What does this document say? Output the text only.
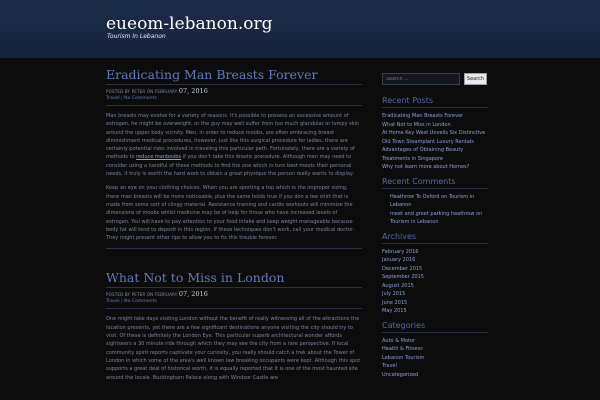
eueom-lebanon.org
Tourism In Lebanon
Eradicating Man Breasts Forever
POSTED BY PETER ON FEBRUARY 07, 2016
Travel | No Comments

Man breasts may evolve for a variety of reasons. It's possible to possess an excessive amount of estrogen, he might be overweight, or the guy may well suffer from too much glandular or lumpy skin around the upper body vicinity. Men, in order to reduce moobs, are often embracing breast diminishment medical procedures, however, just like this surgical procedure for ladies, there are certainly potential risks involved in traveling this particular path. Fortunately, there are a variety of methods to reduce manboobs if you don't take this drastic procedure. Although men may need to consider using a handful of these methods to find the one which in turn best meets their personal needs, it truly is worth the hard work to obtain a great physique the person really wants to display.

Keep an eye on your clothing choices. When you are sporting a top which is the improper sizing, there man breasts will be more noticeable, plus the same holds true if you don a tee shirt that is made from some sort of clingy material. Resistance training and cardio workouts will minimize the dimensions of moobs whilst medicine may be of help for those who have increased levels of estrogen. You will have to pay attention to your food intake and keep weight manageable because body fat will tend to deposit in this region. If these techniques don't work, call your medical doctor. They might present other tips to allow you to fix this trouble forever.

What Not to Miss in London
POSTED BY PETER ON FEBRUARY 07, 2016
Travel | No Comments

One might take days visiting London without the benefit of really witnessing all of the attractions the location presents, yet there are a few significant destinations anyone visiting the city should try to visit. Of these is definitely the London Eye. This particular superb architectural wonder affords sightseers a 30 minute ride through which they may see the city from a rare perspective. If local community spirit reports captivate your curiosity, you really should catch a trek about the Tower of London in which some of the area's well known law breaking occupants were kept. Although this spot supports a great deal of historical worth, it is equally reported that it is one of the most haunted site around the locale. Buckingham Palace along with Windsor Castle are

Search ...
Search
Recent Posts
Eradicating Man Breasts Forever
What Not to Miss in London
At Home Key West Unveils Six Distinctive
Old Town Steamplant Luxury Rentals
Advantages of Obtaining Beauty
Treatments in Singapore
Why not learn more about Homes?
Recent Comments
Heathrow To Oxford on Tourism in
Lebanon
meet and greet parking heathrow on
Tourism in Lebanon
Archives
February 2016
January 2016
December 2015
September 2015
August 2015
July 2015
June 2015
May 2015
Categories
Auto & Motor
Health & Fitness
Lebanon Tourism
Travel
Uncategorized
